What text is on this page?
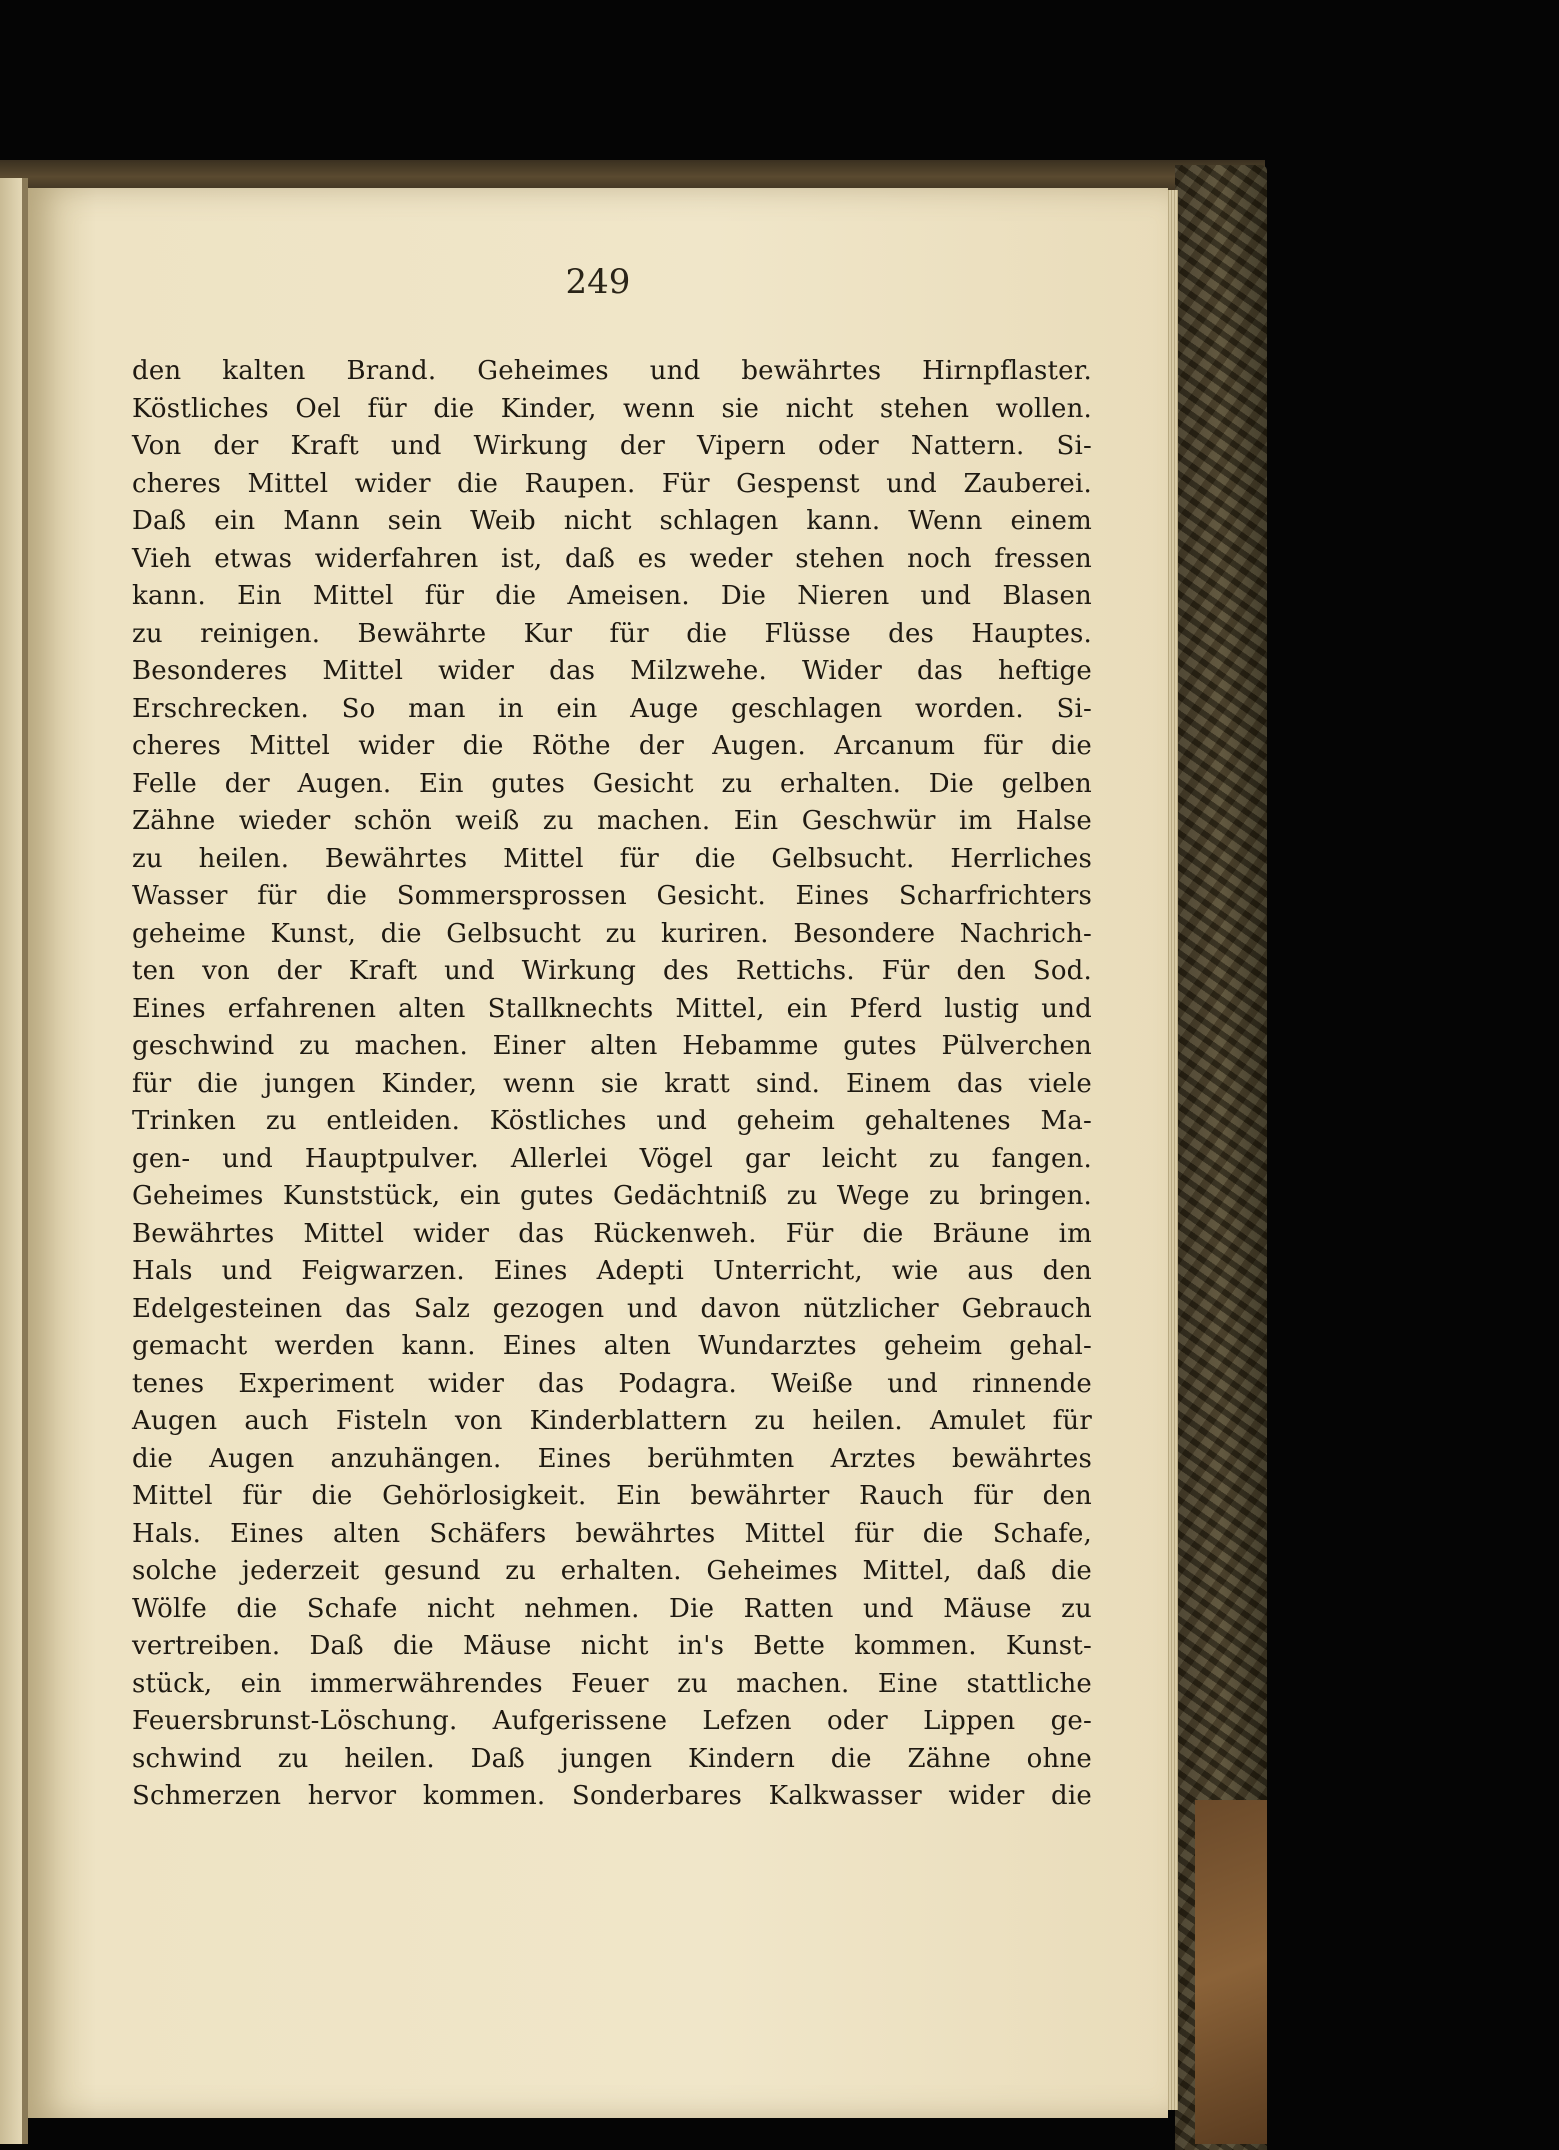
249
den kalten Brand. Geheimes und bewährtes Hirnpflaster.
Köstliches Oel für die Kinder, wenn sie nicht stehen wollen.
Von der Kraft und Wirkung der Vipern oder Nattern. Si-
cheres Mittel wider die Raupen. Für Gespenst und Zauberei.
Daß ein Mann sein Weib nicht schlagen kann. Wenn einem
Vieh etwas widerfahren ist, daß es weder stehen noch fressen
kann. Ein Mittel für die Ameisen. Die Nieren und Blasen
zu reinigen. Bewährte Kur für die Flüsse des Hauptes.
Besonderes Mittel wider das Milzwehe. Wider das heftige
Erschrecken. So man in ein Auge geschlagen worden. Si-
cheres Mittel wider die Röthe der Augen. Arcanum für die
Felle der Augen. Ein gutes Gesicht zu erhalten. Die gelben
Zähne wieder schön weiß zu machen. Ein Geschwür im Halse
zu heilen. Bewährtes Mittel für die Gelbsucht. Herrliches
Wasser für die Sommersprossen Gesicht. Eines Scharfrichters
geheime Kunst, die Gelbsucht zu kuriren. Besondere Nachrich-
ten von der Kraft und Wirkung des Rettichs. Für den Sod.
Eines erfahrenen alten Stallknechts Mittel, ein Pferd lustig und
geschwind zu machen. Einer alten Hebamme gutes Pülverchen
für die jungen Kinder, wenn sie kratt sind. Einem das viele
Trinken zu entleiden. Köstliches und geheim gehaltenes Ma-
gen- und Hauptpulver. Allerlei Vögel gar leicht zu fangen.
Geheimes Kunststück, ein gutes Gedächtniß zu Wege zu bringen.
Bewährtes Mittel wider das Rückenweh. Für die Bräune im
Hals und Feigwarzen. Eines Adepti Unterricht, wie aus den
Edelgesteinen das Salz gezogen und davon nützlicher Gebrauch
gemacht werden kann. Eines alten Wundarztes geheim gehal-
tenes Experiment wider das Podagra. Weiße und rinnende
Augen auch Fisteln von Kinderblattern zu heilen. Amulet für
die Augen anzuhängen. Eines berühmten Arztes bewährtes
Mittel für die Gehörlosigkeit. Ein bewährter Rauch für den
Hals. Eines alten Schäfers bewährtes Mittel für die Schafe,
solche jederzeit gesund zu erhalten. Geheimes Mittel, daß die
Wölfe die Schafe nicht nehmen. Die Ratten und Mäuse zu
vertreiben. Daß die Mäuse nicht in's Bette kommen. Kunst-
stück, ein immerwährendes Feuer zu machen. Eine stattliche
Feuersbrunst-Löschung. Aufgerissene Lefzen oder Lippen ge-
schwind zu heilen. Daß jungen Kindern die Zähne ohne
Schmerzen hervor kommen. Sonderbares Kalkwasser wider die
